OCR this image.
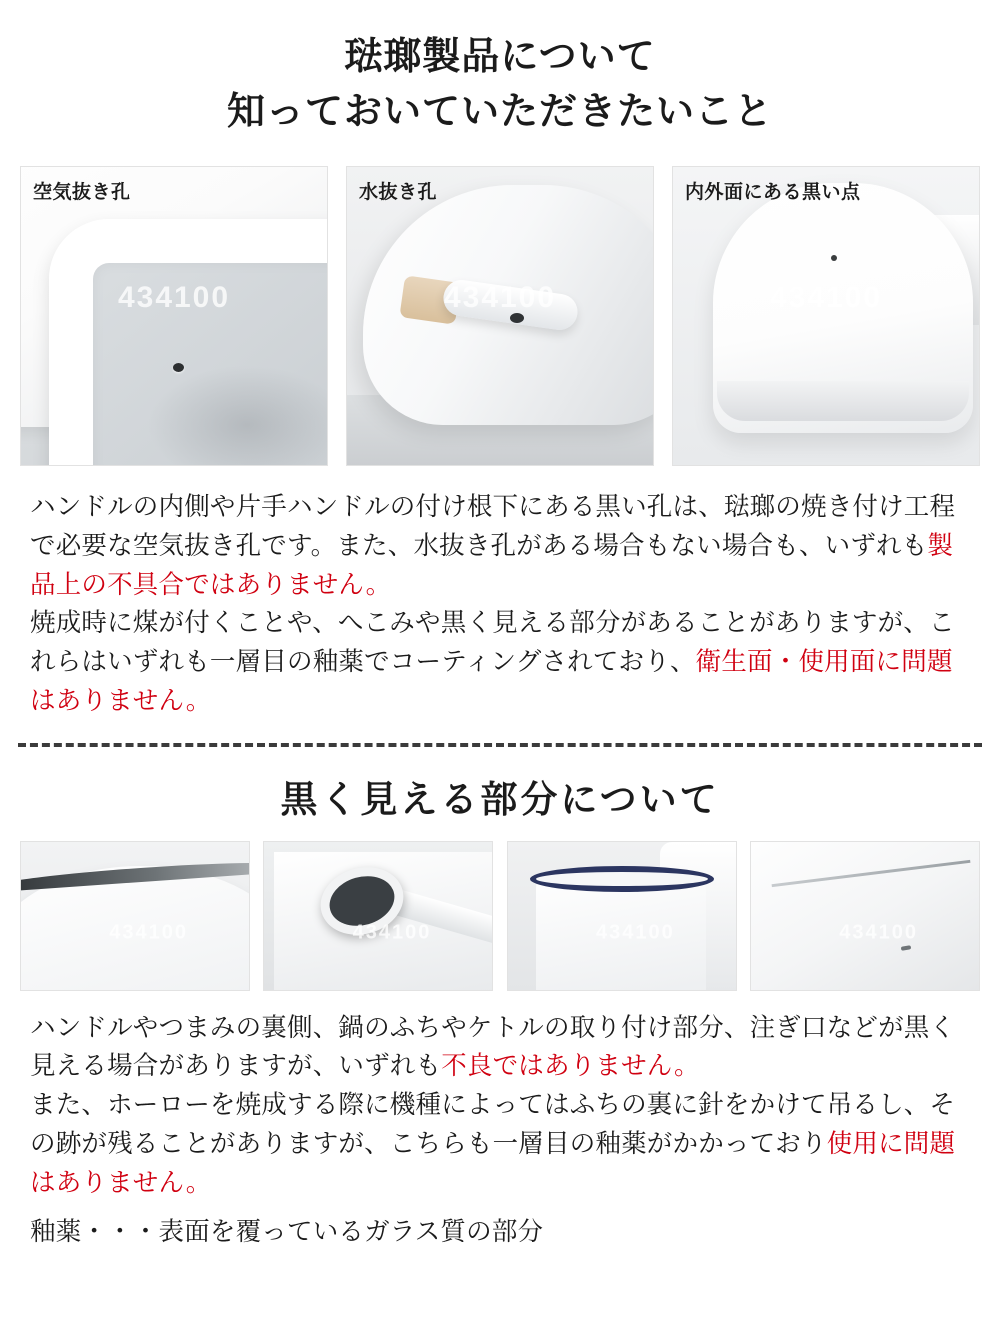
琺瑯製品について
知っておいていただきたいこと
空気抜き孔
434100
水抜き孔
434100
内外面にある黒い点
434100

ハンドルの内側や片手ハンドルの付け根下にある黒い孔は、琺瑯の焼き付け工程で必要な空気抜き孔です。また、水抜き孔がある場合もない場合も、いずれも製品上の不具合ではありません。

焼成時に煤が付くことや、へこみや黒く見える部分があることがありますが、これらはいずれも一層目の釉薬でコーティングされており、衛生面・使用面に問題はありません。

黒く見える部分について
434100	434100	434100	434100

ハンドルやつまみの裏側、鍋のふちやケトルの取り付け部分、注ぎ口などが黒く見える場合がありますが、いずれも不良ではありません。

また、ホーローを焼成する際に機種によってはふちの裏に針をかけて吊るし、その跡が残ることがありますが、こちらも一層目の釉薬がかかっており使用に問題はありません。

釉薬・・・表面を覆っているガラス質の部分
